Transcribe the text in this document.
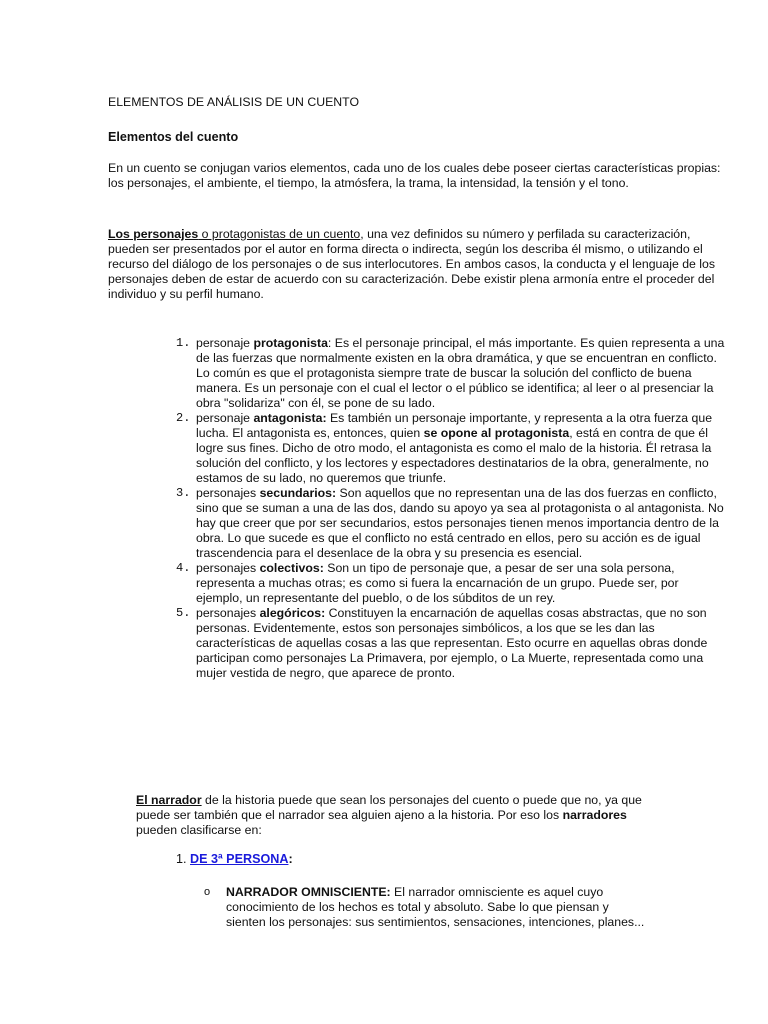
ELEMENTOS DE ANÁLISIS DE UN CUENTO
Elementos del cuento
En un cuento se conjugan varios elementos, cada uno de los cuales debe poseer ciertas características propias: los personajes, el ambiente, el tiempo, la atmósfera, la trama, la intensidad, la tensión y el tono.
Los personajes o protagonistas de un cuento, una vez definidos su número y perfilada su caracterización, pueden ser presentados por el autor en forma directa o indirecta, según los describa él mismo, o utilizando el recurso del diálogo de los personajes o de sus interlocutores. En ambos casos, la conducta y el lenguaje de los personajes deben de estar de acuerdo con su caracterización. Debe existir plena armonía entre el proceder del individuo y su perfil humano.
1. personaje protagonista: Es el personaje principal, el más importante. Es quien representa a una de las fuerzas que normalmente existen en la obra dramática, y que se encuentran en conflicto. Lo común es que el protagonista siempre trate de buscar la solución del conflicto de buena manera. Es un personaje con el cual el lector o el público se identifica; al leer o al presenciar la obra "solidariza" con él, se pone de su lado.
2. personaje antagonista: Es también un personaje importante, y representa a la otra fuerza que lucha. El antagonista es, entonces, quien se opone al protagonista, está en contra de que él logre sus fines. Dicho de otro modo, el antagonista es como el malo de la historia. Él retrasa la solución del conflicto, y los lectores y espectadores destinatarios de la obra, generalmente, no estamos de su lado, no queremos que triunfe.
3. personajes secundarios: Son aquellos que no representan una de las dos fuerzas en conflicto, sino que se suman a una de las dos, dando su apoyo ya sea al protagonista o al antagonista. No hay que creer que por ser secundarios, estos personajes tienen menos importancia dentro de la obra. Lo que sucede es que el conflicto no está centrado en ellos, pero su acción es de igual trascendencia para el desenlace de la obra y su presencia es esencial.
4. personajes colectivos: Son un tipo de personaje que, a pesar de ser una sola persona, representa a muchas otras; es como si fuera la encarnación de un grupo. Puede ser, por ejemplo, un representante del pueblo, o de los súbditos de un rey.
5. personajes alegóricos: Constituyen la encarnación de aquellas cosas abstractas, que no son personas. Evidentemente, estos son personajes simbólicos, a los que se les dan las características de aquellas cosas a las que representan. Esto ocurre en aquellas obras donde participan como personajes La Primavera, por ejemplo, o La Muerte, representada como una mujer vestida de negro, que aparece de pronto.
El narrador de la historia puede que sean los personajes del cuento o puede que no, ya que puede ser también que el narrador sea alguien ajeno a la historia. Por eso los narradores pueden clasificarse en:
1. DE 3ª PERSONA:
o NARRADOR OMNISCIENTE: El narrador omnisciente es aquel cuyo conocimiento de los hechos es total y absoluto. Sabe lo que piensan y sienten los personajes: sus sentimientos, sensaciones, intenciones, planes...
